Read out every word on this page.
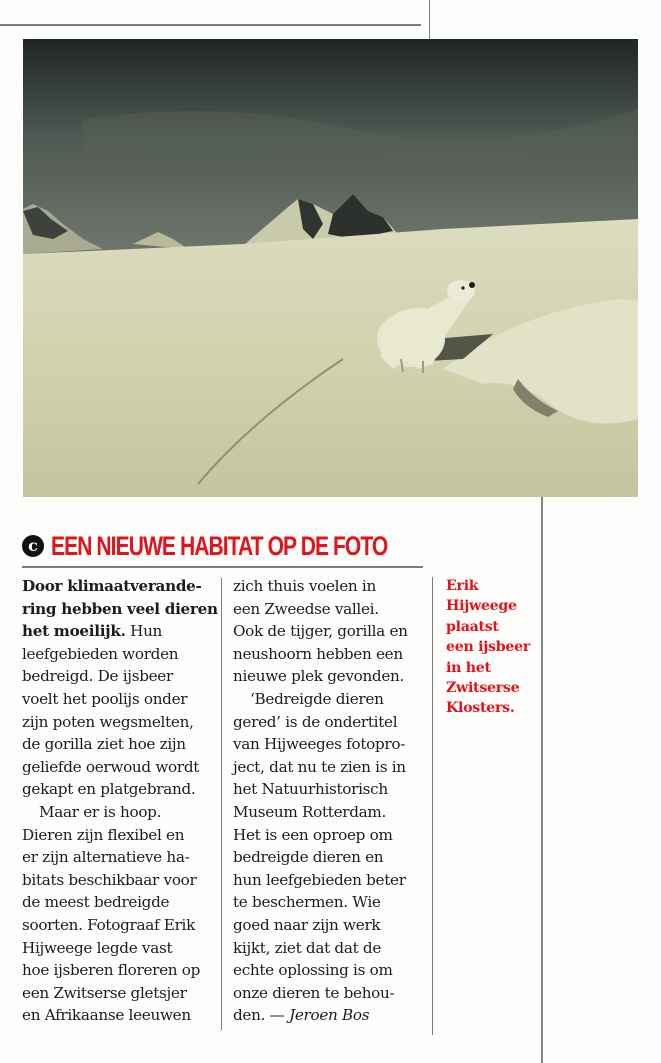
c EEN NIEUWE HABITAT OP DE FOTO

Door klimaatverande-

ring hebben veel dieren

het moeilijk. Hun

leefgebieden worden

bedreigd. De ijsbeer

voelt het poolijs onder

zijn poten wegsmelten,

de gorilla ziet hoe zijn

geliefde oerwoud wordt

gekapt en platgebrand.

Maar er is hoop.

Dieren zijn flexibel en

er zijn alternatieve ha-

bitats beschikbaar voor

de meest bedreigde

soorten. Fotograaf Erik

Hijweege legde vast

hoe ijsberen floreren op

een Zwitserse gletsjer

en Afrikaanse leeuwen

zich thuis voelen in

een Zweedse vallei.

Ook de tijger, gorilla en

neushoorn hebben een

nieuwe plek gevonden.

‘Bedreigde dieren

gered’ is de ondertitel

van Hijweeges fotopro-

ject, dat nu te zien is in

het Natuurhistorisch

Museum Rotterdam.

Het is een oproep om

bedreigde dieren en

hun leefgebieden beter

te beschermen. Wie

goed naar zijn werk

kijkt, ziet dat dat de

echte oplossing is om

onze dieren te behou-

den. — Jeroen Bos

Erik

Hijweege

plaatst

een ijsbeer

in het

Zwitserse

Klosters.
